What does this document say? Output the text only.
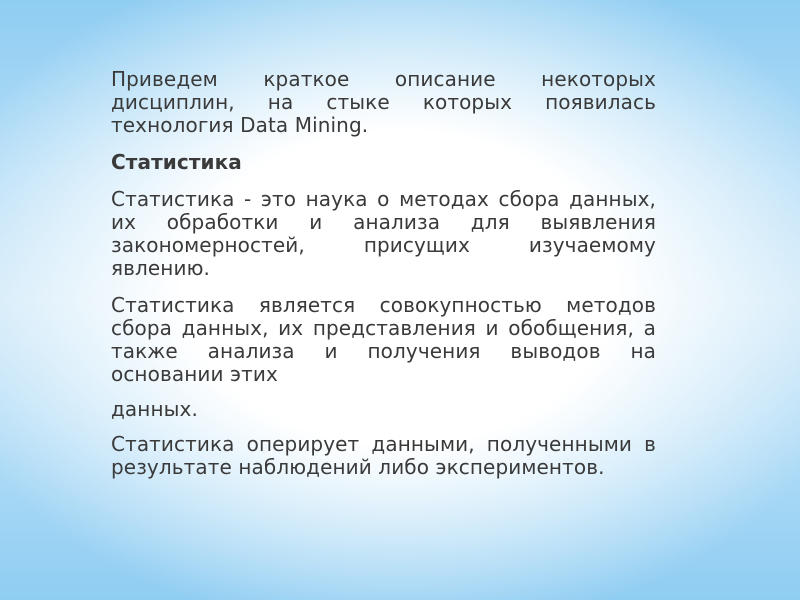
Приведем краткое описание некоторых дисциплин, на стыке которых появилась технология Data Mining.

Статистика

Статистика - это наука о методах сбора данных, их обработки и анализа для выявления закономерностей, присущих изучаемому явлению.

Статистика является совокупностью методов сбора данных, их представления и обобщения, а также анализа и получения выводов на основании этих

данных.

Статистика оперирует данными, полученными в результате наблюдений либо экспериментов.
